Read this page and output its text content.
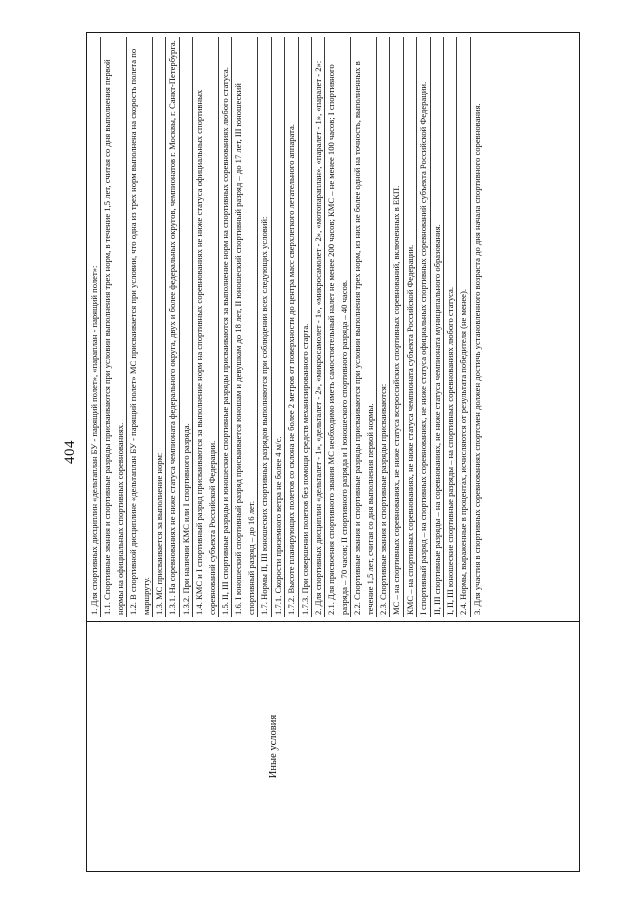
404
Иные условия
1. Для спортивных дисциплин «дельтаплан БУ - парящий полет», «параплан - парящий полет»: 1.1. Спортивные звания и спортивные разряды присваиваются при условии выполнения трех норм, в течение 1,5 лет, считая со дня выполнения первой нормы на официальных спортивных соревнованиях. 1.2. В спортивной дисциплине «дельтаплан БУ - парящий полет» МС присваивается при условии, что одна из трех норм выполнена на скорость полета по маршруту. 1.3. МС присваивается за выполнение норм: 1.3.1. На соревнованиях не ниже статуса чемпионата федерального округа, двух и более федеральных округов, чемпионатов г. Москвы, г. Санкт-Петербурга. 1.3.2. При наличии КМС или I спортивного разряда. 1.4. КМС и I спортивный разряд присваиваются за выполнение норм на спортивных соревнованиях не ниже статуса официальных спортивных соревнований субъекта Российской Федерации. 1.5. II, III спортивные разряды и юношеские спортивные разряды присваиваются за выполнение норм на спортивных соревнованиях любого статуса. 1.6. I юношеский спортивный разряд присваивается юношам и девушкам до 18 лет, II юношеский спортивный разряд – до 17 лет, III юношеский спортивный разряд – до 16 лет. 1.7. Нормы II, III юношеских спортивных разрядов выполняются при соблюдении всех следующих условий: 1.7.1. Скорости приземного ветра не более 4 м/с. 1.7.2. Высоте планирующих полетов со склона не более 2 метров от поверхности до центра масс сверхлегкого летательного аппарата. 1.7.3. При совершении полетов без помощи средств механизированного старта. 2. Для спортивных дисциплин «дельталет - 1», «дельталет - 2», «микросамолет - 1», «микросамолет - 2», «мотопараплан», «паралет - 1», «паралет - 2»: 2.1. Для присвоения спортивного звания МС необходимо иметь самостоятельный налет не менее 200 часов; КМС – не менее 100 часов; I спортивного разряда – 70 часов; II спортивного разряда и I юношеского спортивного разряда – 40 часов. 2.2. Спортивные звания и спортивные разряды присваиваются при условии выполнения трех норм, из них не более одной на точность, выполненных в течение 1,5 лет, считая со дня выполнения первой нормы. 2.3. Спортивные звания и спортивные разряды присваиваются: МС – на спортивных соревнованиях, не ниже статуса всероссийских спортивных соревнований, включенных в ЕКП. КМС – на спортивных соревнованиях, не ниже статуса чемпионата субъекта Российской Федерации. I спортивный разряд – на спортивных соревнованиях, не ниже статуса официальных спортивных соревнований субъекта Российской Федерации. II, III спортивные разряды – на соревнованиях, не ниже статуса чемпионата муниципального образования. I, II, III юношеские спортивные разряды – на спортивных соревнованиях любого статуса. 2.4. Нормы, выраженные в процентах, исчисляются от результата победителя (не менее). 3. Для участия в спортивных соревнованиях спортсмен должен достичь установленного возраста до дня начала спортивного соревнования.
